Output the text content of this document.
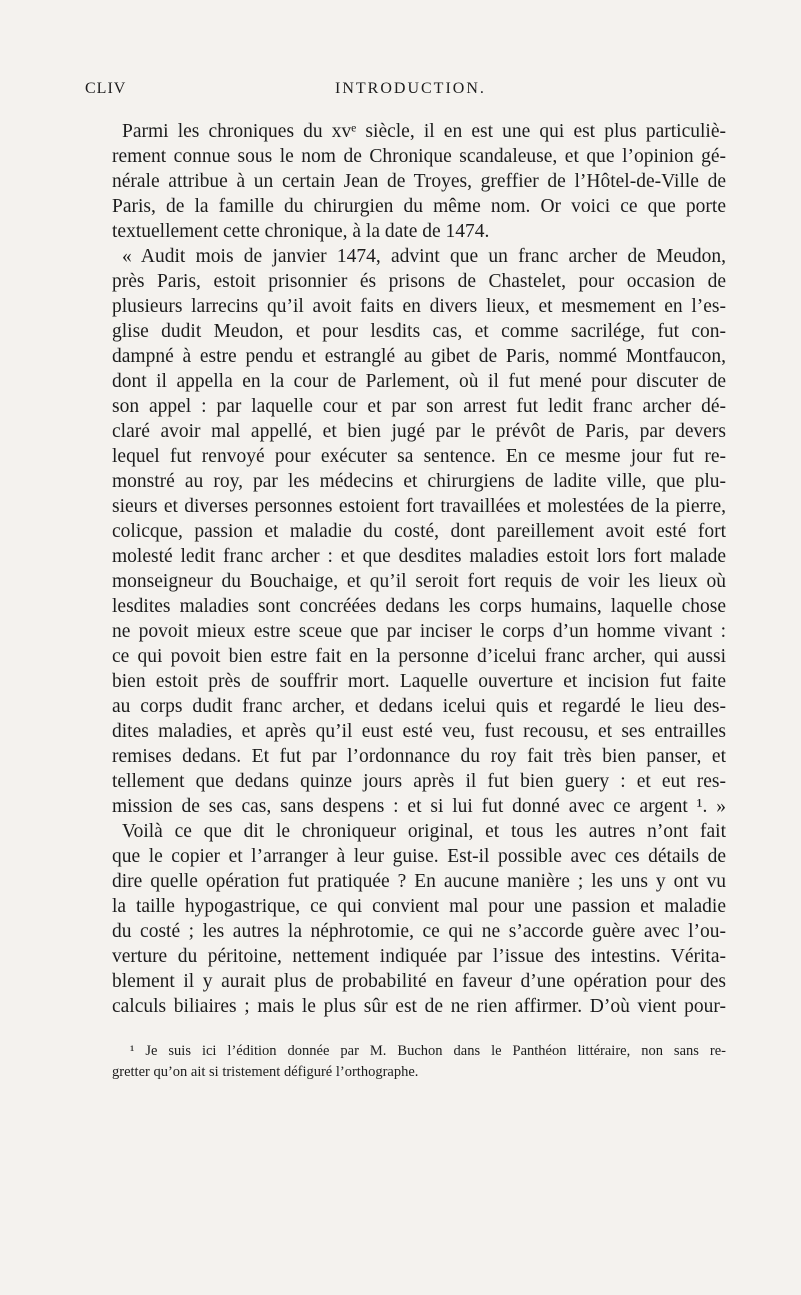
CLIV	INTRODUCTION.
Parmi les chroniques du xvᵉ siècle, il en est une qui est plus particuliè-
rement connue sous le nom de Chronique scandaleuse, et que l’opinion gé-
nérale attribue à un certain Jean de Troyes, greffier de l’Hôtel-de-Ville de
Paris, de la famille du chirurgien du même nom. Or voici ce que porte
textuellement cette chronique, à la date de 1474.
« Audit mois de janvier 1474, advint que un franc archer de Meudon,
près Paris, estoit prisonnier és prisons de Chastelet, pour occasion de
plusieurs larrecins qu’il avoit faits en divers lieux, et mesmement en l’es-
glise dudit Meudon, et pour lesdits cas, et comme sacrilége, fut con-
dampné à estre pendu et estranglé au gibet de Paris, nommé Montfaucon,
dont il appella en la cour de Parlement, où il fut mené pour discuter de
son appel : par laquelle cour et par son arrest fut ledit franc archer dé-
claré avoir mal appellé, et bien jugé par le prévôt de Paris, par devers
lequel fut renvoyé pour exécuter sa sentence. En ce mesme jour fut re-
monstré au roy, par les médecins et chirurgiens de ladite ville, que plu-
sieurs et diverses personnes estoient fort travaillées et molestées de la pierre,
colicque, passion et maladie du costé, dont pareillement avoit esté fort
molesté ledit franc archer : et que desdites maladies estoit lors fort malade
monseigneur du Bouchaige, et qu’il seroit fort requis de voir les lieux où
lesdites maladies sont concréées dedans les corps humains, laquelle chose
ne povoit mieux estre sceue que par inciser le corps d’un homme vivant :
ce qui povoit bien estre fait en la personne d’icelui franc archer, qui aussi
bien estoit près de souffrir mort. Laquelle ouverture et incision fut faite
au corps dudit franc archer, et dedans icelui quis et regardé le lieu des-
dites maladies, et après qu’il eust esté veu, fust recousu, et ses entrailles
remises dedans. Et fut par l’ordonnance du roy fait très bien panser, et
tellement que dedans quinze jours après il fut bien guery : et eut res-
mission de ses cas, sans despens : et si lui fut donné avec ce argent ¹. »
Voilà ce que dit le chroniqueur original, et tous les autres n’ont fait
que le copier et l’arranger à leur guise. Est-il possible avec ces détails de
dire quelle opération fut pratiquée ? En aucune manière ; les uns y ont vu
la taille hypogastrique, ce qui convient mal pour une passion et maladie
du costé ; les autres la néphrotomie, ce qui ne s’accorde guère avec l’ou-
verture du péritoine, nettement indiquée par l’issue des intestins. Vérita-
blement il y aurait plus de probabilité en faveur d’une opération pour des
calculs biliaires ; mais le plus sûr est de ne rien affirmer. D’où vient pour-
¹ Je suis ici l’édition donnée par M. Buchon dans le Panthéon littéraire, non sans re-
gretter qu’on ait si tristement défiguré l’orthographe.
